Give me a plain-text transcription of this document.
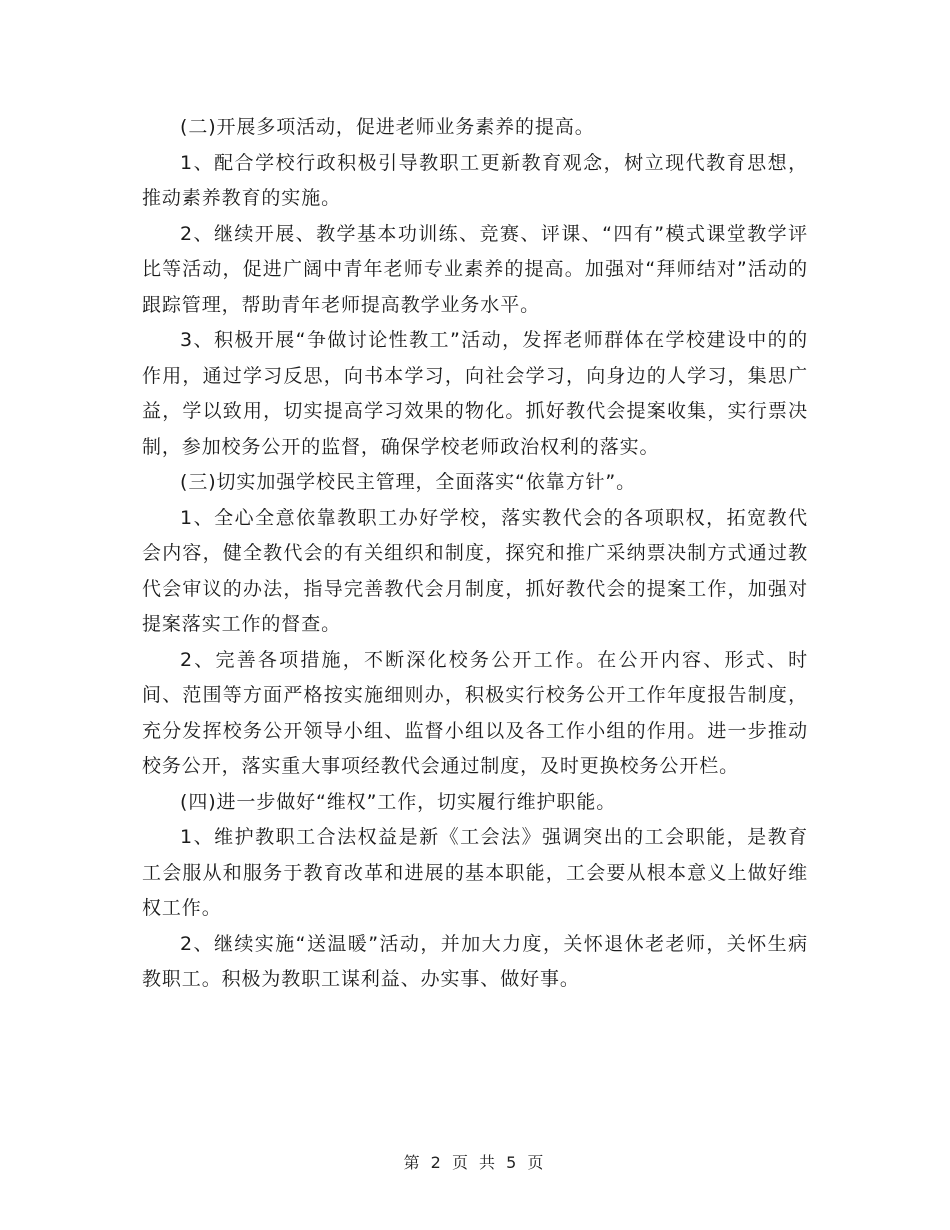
(二)开展多项活动，促进老师业务素养的提高。

1、配合学校行政积极引导教职工更新教育观念，树立现代教育思想，推动素养教育的实施。

2、继续开展、教学基本功训练、竞赛、评课、“四有”模式课堂教学评比等活动，促进广阔中青年老师专业素养的提高。加强对“拜师结对”活动的跟踪管理，帮助青年老师提高教学业务水平。

3、积极开展“争做讨论性教工”活动，发挥老师群体在学校建设中的的作用，通过学习反思，向书本学习，向社会学习，向身边的人学习，集思广益，学以致用，切实提高学习效果的物化。抓好教代会提案收集，实行票决制，参加校务公开的监督，确保学校老师政治权利的落实。

(三)切实加强学校民主管理，全面落实“依靠方针”。

1、全心全意依靠教职工办好学校，落实教代会的各项职权，拓宽教代会内容，健全教代会的有关组织和制度，探究和推广采纳票决制方式通过教代会审议的办法，指导完善教代会月制度，抓好教代会的提案工作，加强对提案落实工作的督查。

2、完善各项措施，不断深化校务公开工作。在公开内容、形式、时间、范围等方面严格按实施细则办，积极实行校务公开工作年度报告制度，充分发挥校务公开领导小组、监督小组以及各工作小组的作用。进一步推动校务公开，落实重大事项经教代会通过制度，及时更换校务公开栏。

(四)进一步做好“维权”工作，切实履行维护职能。

1、维护教职工合法权益是新《工会法》强调突出的工会职能，是教育工会服从和服务于教育改革和进展的基本职能，工会要从根本意义上做好维权工作。

2、继续实施“送温暖”活动，并加大力度，关怀退休老老师，关怀生病教职工。积极为教职工谋利益、办实事、做好事。

第 2 页 共 5 页
